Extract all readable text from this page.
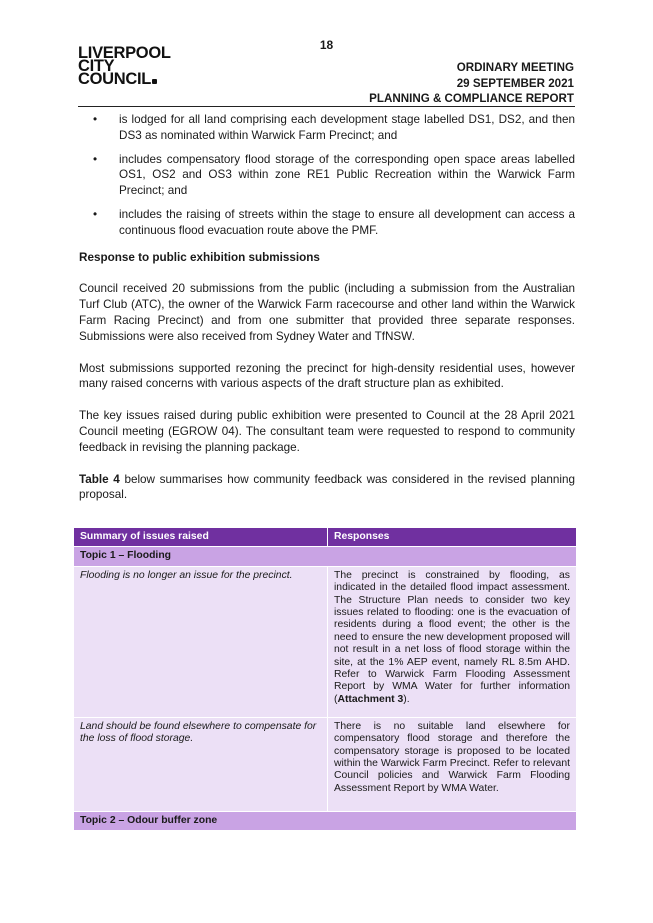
18
LIVERPOOL
CITY
COUNCIL
ORDINARY MEETING
29 SEPTEMBER 2021
PLANNING & COMPLIANCE REPORT
• is lodged for all land comprising each development stage labelled DS1, DS2, and then DS3 as nominated within Warwick Farm Precinct; and
• includes compensatory flood storage of the corresponding open space areas labelled OS1, OS2 and OS3 within zone RE1 Public Recreation within the Warwick Farm Precinct; and
• includes the raising of streets within the stage to ensure all development can access a continuous flood evacuation route above the PMF.
Response to public exhibition submissions

Council received 20 submissions from the public (including a submission from the Australian Turf Club (ATC), the owner of the Warwick Farm racecourse and other land within the Warwick Farm Racing Precinct) and from one submitter that provided three separate responses. Submissions were also received from Sydney Water and TfNSW.

Most submissions supported rezoning the precinct for high-density residential uses, however many raised concerns with various aspects of the draft structure plan as exhibited.

The key issues raised during public exhibition were presented to Council at the 28 April 2021 Council meeting (EGROW 04). The consultant team were requested to respond to community feedback in revising the planning package.

Table 4 below summarises how community feedback was considered in the revised planning proposal.

Summary of issues raised	Responses
Topic 1 – Flooding	
Flooding is no longer an issue for the precinct.	The precinct is constrained by flooding, as indicated in the detailed flood impact assessment. The Structure Plan needs to consider two key issues related to flooding: one is the evacuation of residents during a flood event; the other is the need to ensure the new development proposed will not result in a net loss of flood storage within the site, at the 1% AEP event, namely RL 8.5m AHD. Refer to Warwick Farm Flooding Assessment Report by WMA Water for further information (Attachment 3).
Land should be found elsewhere to compensate for the loss of flood storage.	There is no suitable land elsewhere for compensatory flood storage and therefore the compensatory storage is proposed to be located within the Warwick Farm Precinct. Refer to relevant Council policies and Warwick Farm Flooding Assessment Report by WMA Water.
Topic 2 – Odour buffer zone	
